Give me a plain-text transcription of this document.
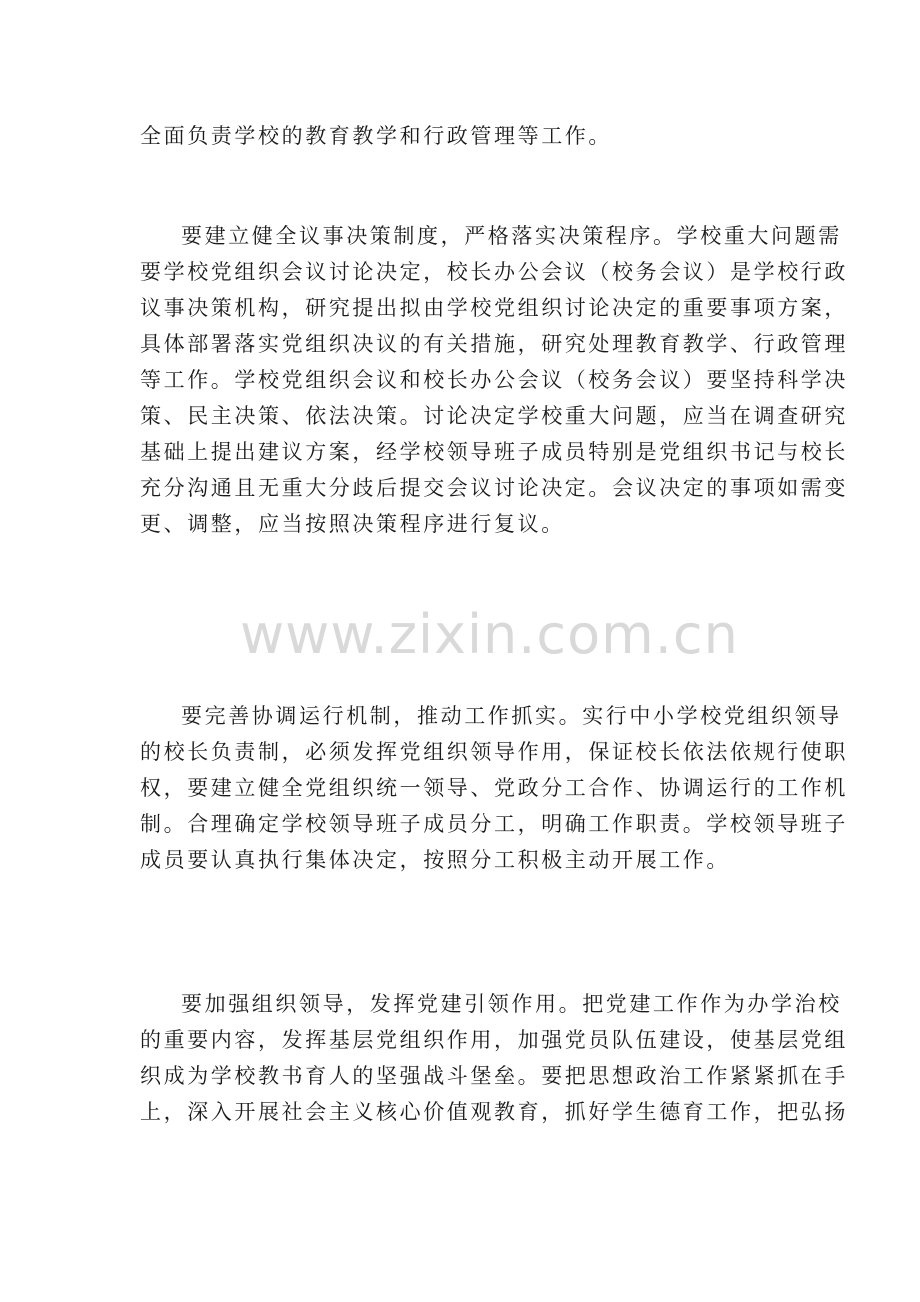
www.zixin.com.cn
全面负责学校的教育教学和行政管理等工作。
要建立健全议事决策制度，严格落实决策程序。学校重大问题需
要学校党组织会议讨论决定，校长办公会议（校务会议）是学校行政
议事决策机构，研究提出拟由学校党组织讨论决定的重要事项方案，
具体部署落实党组织决议的有关措施，研究处理教育教学、行政管理
等工作。学校党组织会议和校长办公会议（校务会议）要坚持科学决
策、民主决策、依法决策。讨论决定学校重大问题，应当在调查研究
基础上提出建议方案，经学校领导班子成员特别是党组织书记与校长
充分沟通且无重大分歧后提交会议讨论决定。会议决定的事项如需变
更、调整，应当按照决策程序进行复议。
要完善协调运行机制，推动工作抓实。实行中小学校党组织领导
的校长负责制，必须发挥党组织领导作用，保证校长依法依规行使职
权，要建立健全党组织统一领导、党政分工合作、协调运行的工作机
制。合理确定学校领导班子成员分工，明确工作职责。学校领导班子
成员要认真执行集体决定，按照分工积极主动开展工作。
要加强组织领导，发挥党建引领作用。把党建工作作为办学治校
的重要内容，发挥基层党组织作用，加强党员队伍建设，使基层党组
织成为学校教书育人的坚强战斗堡垒。要把思想政治工作紧紧抓在手
上，深入开展社会主义核心价值观教育，抓好学生德育工作，把弘扬
